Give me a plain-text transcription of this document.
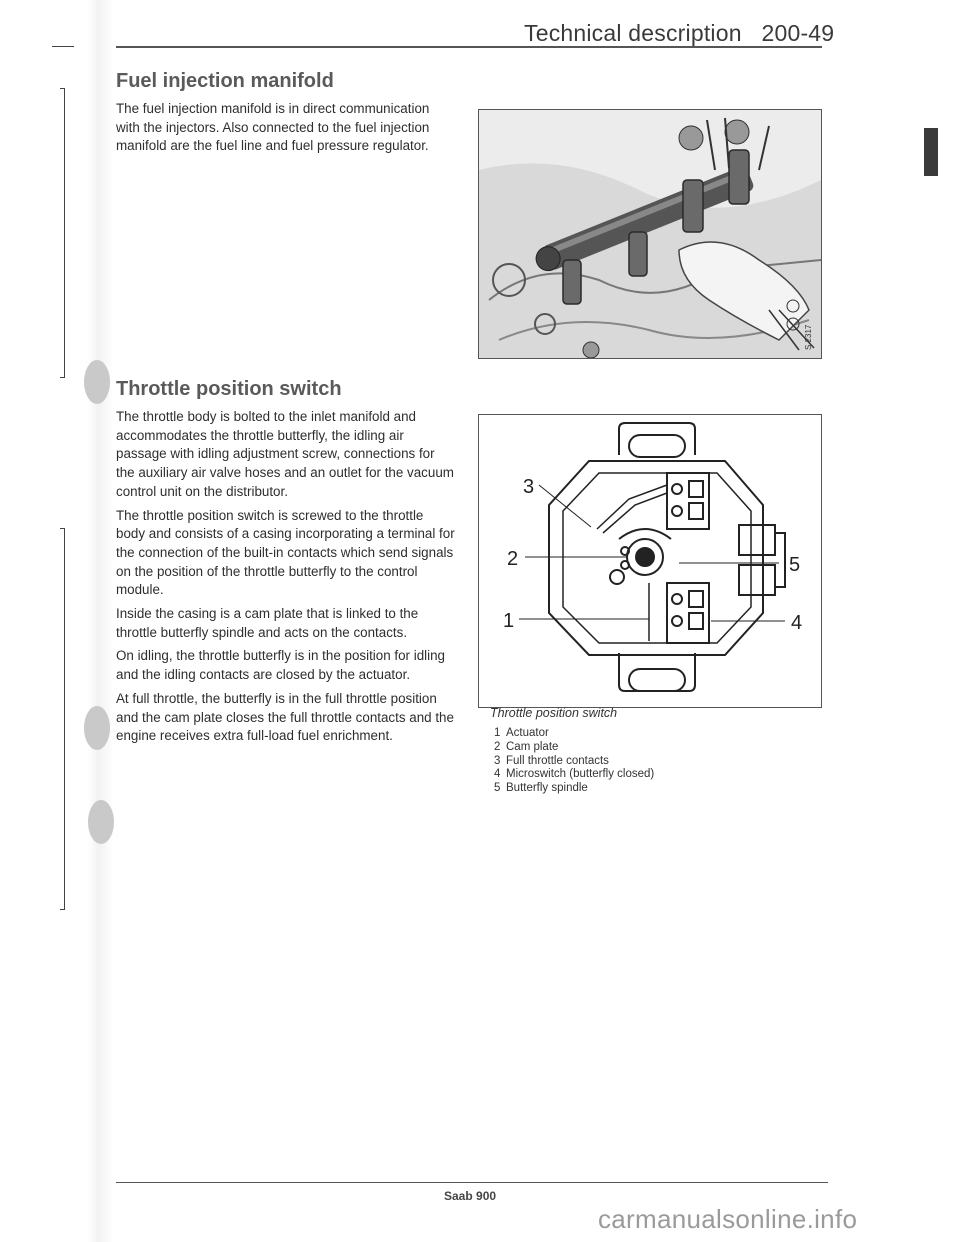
Technical description   200-49
Fuel injection manifold

The fuel injection manifold is in direct communication with the injectors. Also connected to the fuel injection manifold are the fuel line and fuel pressure regulator.

Throttle position switch

The throttle body is bolted to the inlet manifold and accommodates the throttle butterfly, the idling air passage with idling adjustment screw, connections for the auxiliary air valve hoses and an outlet for the vacuum control unit on the distributor.

The throttle position switch is screwed to the throttle body and consists of a casing incorporating a terminal for the connection of the built-in contacts which send signals on the position of the throttle butterfly to the control module.

Inside the casing is a cam plate that is linked to the throttle butterfly spindle and acts on the contacts.

On idling, the throttle butterfly is in the position for idling and the idling contacts are closed by the actuator.

At full throttle, the butterfly is in the full throttle position and the cam plate closes the full throttle contacts and the engine receives extra full-load fuel enrichment.

S 2317
3
2
1
5
4
Throttle position switch
1 Actuator
2 Cam plate
3 Full throttle contacts
4 Microswitch (butterfly closed)
5 Butterfly spindle
Saab 900
carmanualsonline.info
